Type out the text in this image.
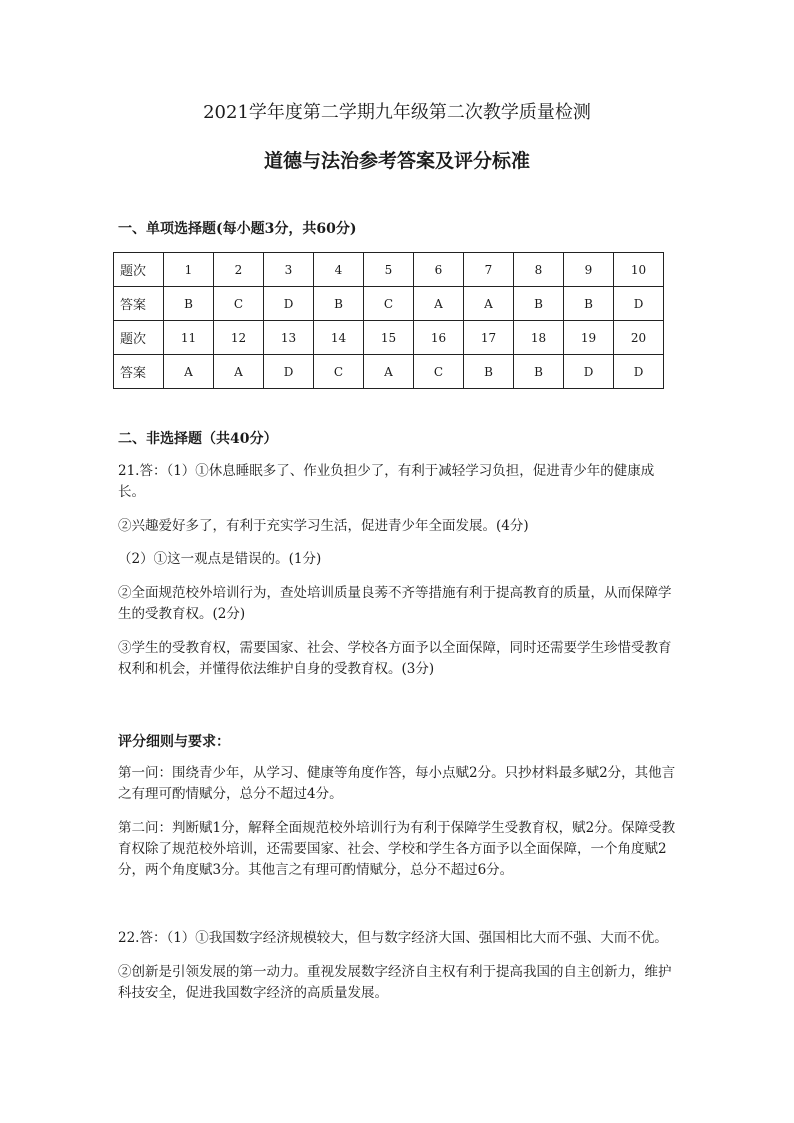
2021学年度第二学期九年级第二次教学质量检测
道德与法治参考答案及评分标准
一、单项选择题(每小题3分，共60分)
题次	1	2	3	4	5	6	7	8	9	10
答案	B	C	D	B	C	A	A	B	B	D
题次	11	12	13	14	15	16	17	18	19	20
答案	A	A	D	C	A	C	B	B	D	D
二、非选择题（共40分）
21.答：（1）①休息睡眠多了、作业负担少了，有利于减轻学习负担，促进青少年的健康成长。
②兴趣爱好多了，有利于充实学习生活，促进青少年全面发展。(4分)
（2）①这一观点是错误的。(1分)
②全面规范校外培训行为，查处培训质量良莠不齐等措施有利于提高教育的质量，从而保障学生的受教育权。(2分)
③学生的受教育权，需要国家、社会、学校各方面予以全面保障，同时还需要学生珍惜受教育权利和机会，并懂得依法维护自身的受教育权。(3分)
评分细则与要求：
第一问：围绕青少年，从学习、健康等角度作答，每小点赋2分。只抄材料最多赋2分，其他言之有理可酌情赋分，总分不超过4分。
第二问：判断赋1分，解释全面规范校外培训行为有利于保障学生受教育权，赋2分。保障受教育权除了规范校外培训，还需要国家、社会、学校和学生各方面予以全面保障，一个角度赋2分，两个角度赋3分。其他言之有理可酌情赋分，总分不超过6分。
22.答：（1）①我国数字经济规模较大，但与数字经济大国、强国相比大而不强、大而不优。
②创新是引领发展的第一动力。重视发展数字经济自主权有利于提高我国的自主创新力，维护科技安全，促进我国数字经济的高质量发展。
